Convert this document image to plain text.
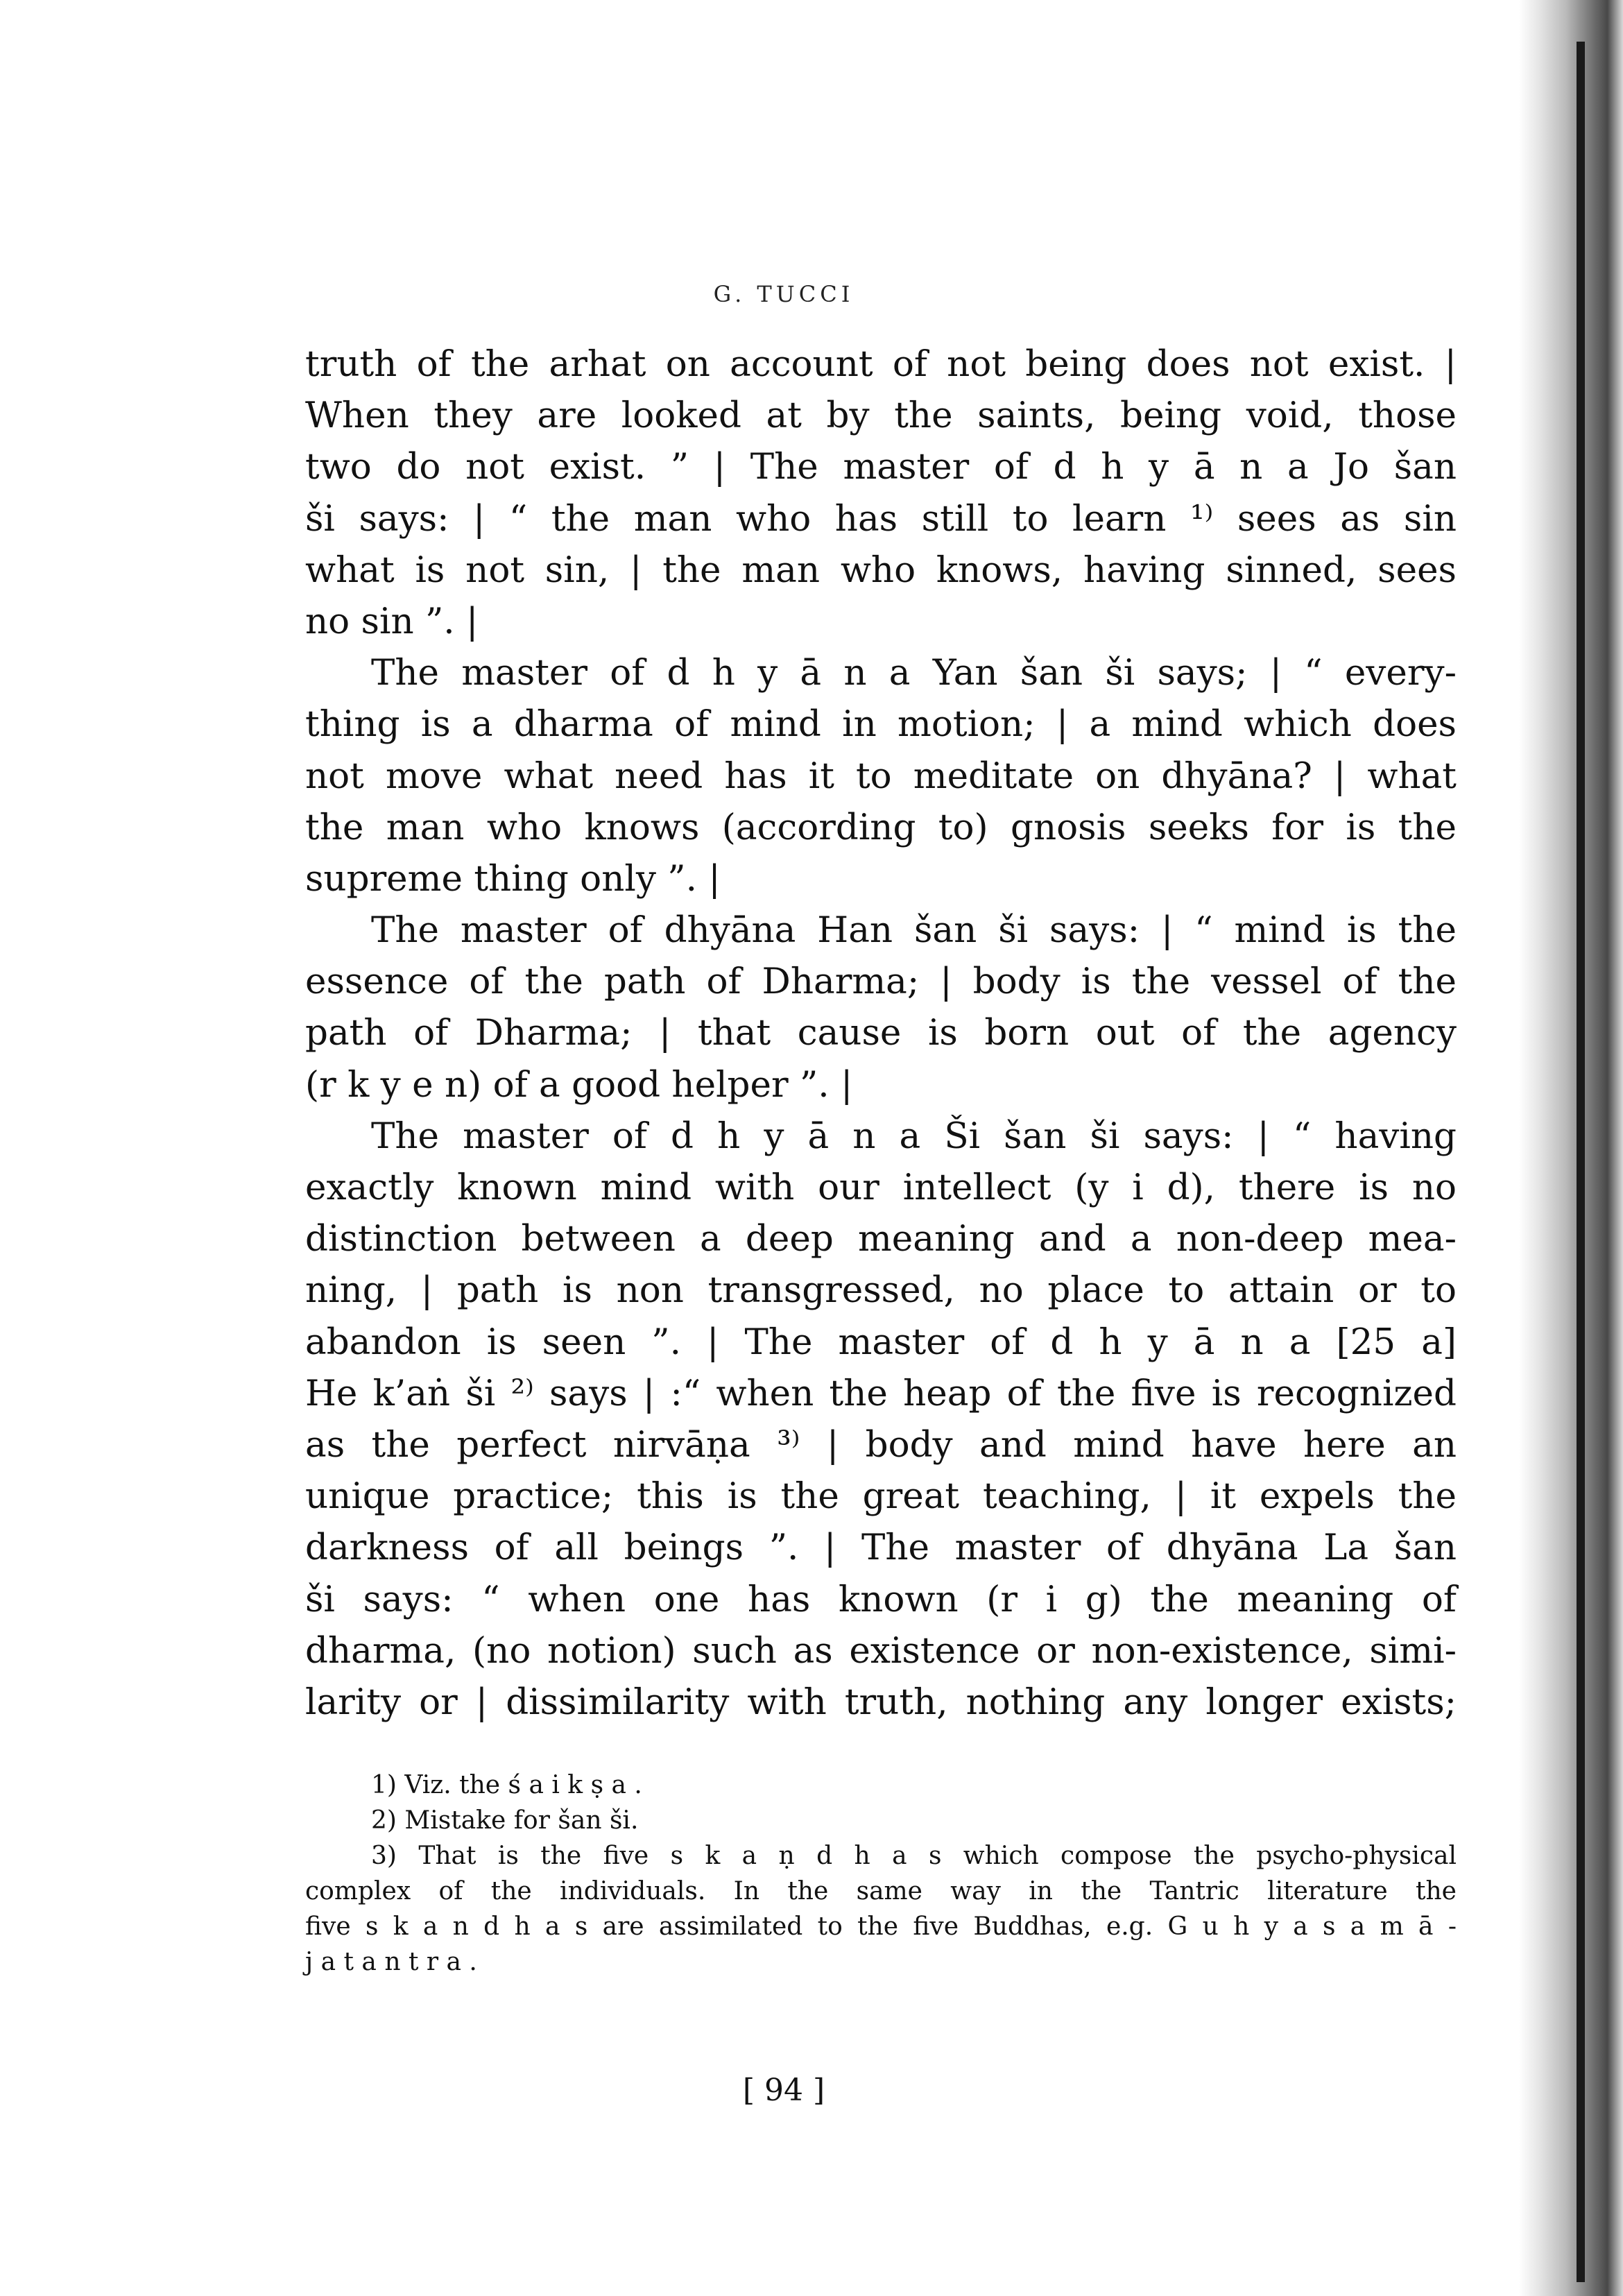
G. TUCCI
truth of the arhat on account of not being does not exist. |
When they are looked at by the saints, being void, those
two do not exist. ” | The master of d h y ā n a Jo šan
ši says: | “ the man who has still to learn ¹⁾ sees as sin
what is not sin, | the man who knows, having sinned, sees
no sin ”. |
The master of d h y ā n a Yan šan ši says; | “ every-
thing is a dharma of mind in motion; | a mind which does
not move what need has it to meditate on dhyāna? | what
the man who knows (according to) gnosis seeks for is the
supreme thing only ”. |
The master of dhyāna Han šan ši says: | “ mind is the
essence of the path of Dharma; | body is the vessel of the
path of Dharma; | that cause is born out of the agency
(r k y e n) of a good helper ”. |
The master of d h y ā n a Ši šan ši says: | “ having
exactly known mind with our intellect (y i d), there is no
distinction between a deep meaning and a non-deep mea-
ning, | path is non transgressed, no place to attain or to
abandon is seen ”. | The master of d h y ā n a [25 a]
He k’aṅ ši ²⁾ says | :“ when the heap of the five is recognized
as the perfect nirvāṇa ³⁾ | body and mind have here an
unique practice; this is the great teaching, | it expels the
darkness of all beings ”. | The master of dhyāna La šan
ši says: “ when one has known (r i g) the meaning of
dharma, (no notion) such as existence or non-existence, simi-
larity or | dissimilarity with truth, nothing any longer exists;
1) Viz. the ś a i k ṣ a .
2) Mistake for šan ši.
3) That is the five s k a ṇ d h a s which compose the psycho-physical
complex of the individuals. In the same way in the Tantric literature the
five s k a n d h a s are assimilated to the five Buddhas, e.g. G u h y a s a m ā -
j a t a n t r a .
[ 94 ]
